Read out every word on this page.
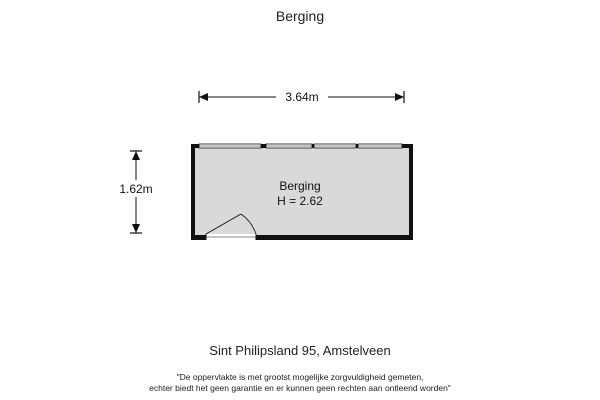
Berging
3.64m
1.62m	Berging
H = 2.62
Sint Philipsland 95, Amstelveen
"De oppervlakte is met grootst mogelijke zorgvuldigheid gemeten,
echter biedt het geen garantie en er kunnen geen rechten aan ontleend worden"
